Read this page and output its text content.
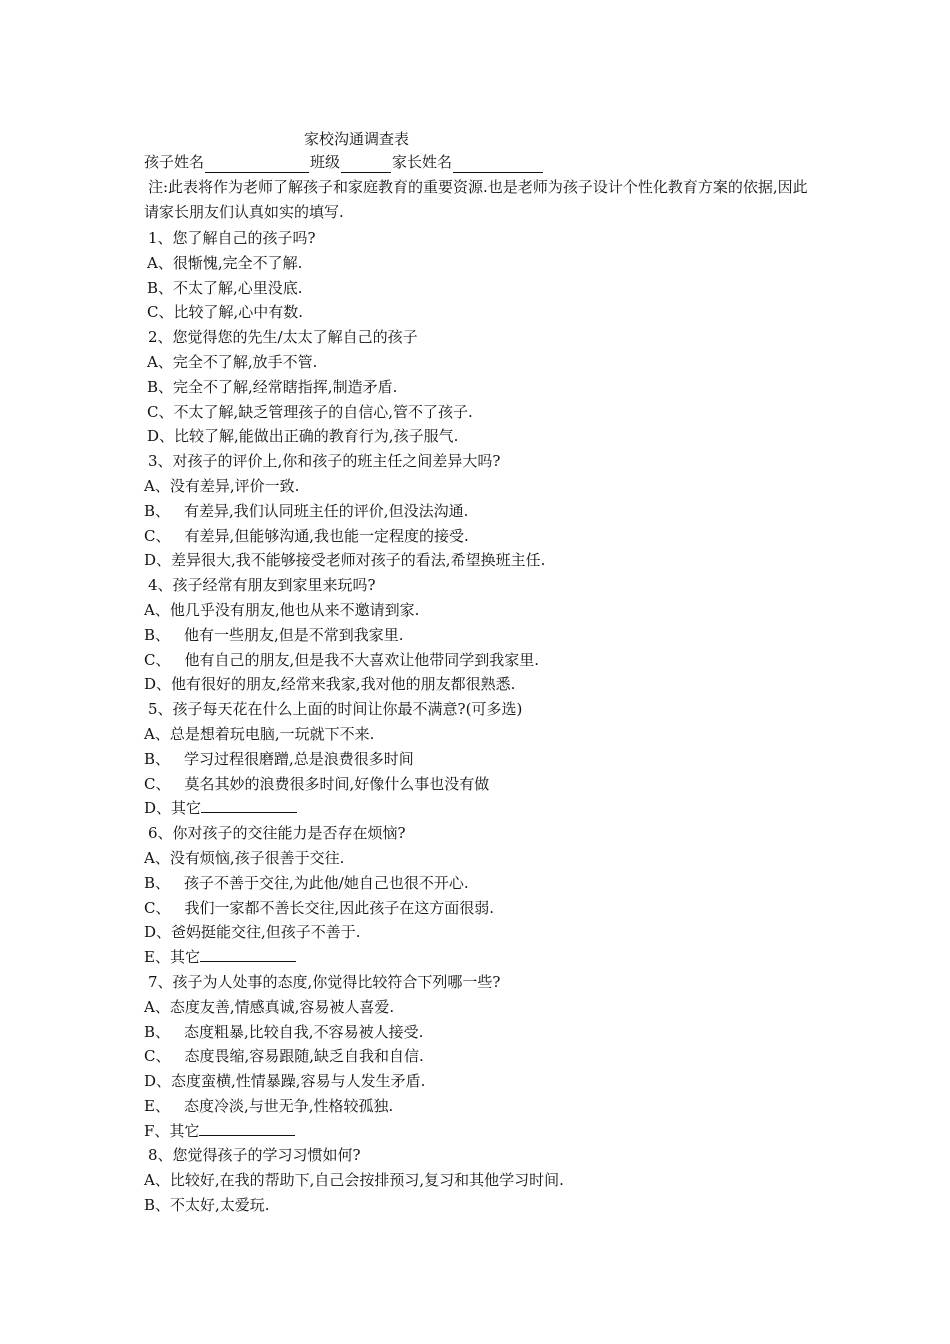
家校沟通调查表
孩子姓名	班级	家长姓名
注:此表将作为老师了解孩子和家庭教育的重要资源.也是老师为孩子设计个性化教育方案的依据,因此请家长朋友们认真如实的填写.
1、您了解自己的孩子吗?
A、很惭愧,完全不了解.
B、不太了解,心里没底.
C、比较了解,心中有数.
2、您觉得您的先生/太太了解自己的孩子
A、完全不了解,放手不管.
B、完全不了解,经常瞎指挥,制造矛盾.
C、不太了解,缺乏管理孩子的自信心,管不了孩子.
D、比较了解,能做出正确的教育行为,孩子服气.
3、对孩子的评价上,你和孩子的班主任之间差异大吗?
A、没有差异,评价一致.
B、 有差异,我们认同班主任的评价,但没法沟通.
C、 有差异,但能够沟通,我也能一定程度的接受.
D、差异很大,我不能够接受老师对孩子的看法,希望换班主任.
4、孩子经常有朋友到家里来玩吗?
A、他几乎没有朋友,他也从来不邀请到家.
B、 他有一些朋友,但是不常到我家里.
C、 他有自己的朋友,但是我不大喜欢让他带同学到我家里.
D、他有很好的朋友,经常来我家,我对他的朋友都很熟悉.
5、孩子每天花在什么上面的时间让你最不满意?(可多选)
A、总是想着玩电脑,一玩就下不来.
B、 学习过程很磨蹭,总是浪费很多时间
C、 莫名其妙的浪费很多时间,好像什么事也没有做
D、其它
6、你对孩子的交往能力是否存在烦恼?
A、没有烦恼,孩子很善于交往.
B、 孩子不善于交往,为此他/她自己也很不开心.
C、 我们一家都不善长交往,因此孩子在这方面很弱.
D、爸妈挺能交往,但孩子不善于.
E、其它
7、孩子为人处事的态度,你觉得比较符合下列哪一些?
A、态度友善,情感真诚,容易被人喜爱.
B、 态度粗暴,比较自我,不容易被人接受.
C、 态度畏缩,容易跟随,缺乏自我和自信.
D、态度蛮横,性情暴躁,容易与人发生矛盾.
E、 态度冷淡,与世无争,性格较孤独.
F、其它
8、您觉得孩子的学习习惯如何?
A、比较好,在我的帮助下,自己会按排预习,复习和其他学习时间.
B、不太好,太爱玩.
